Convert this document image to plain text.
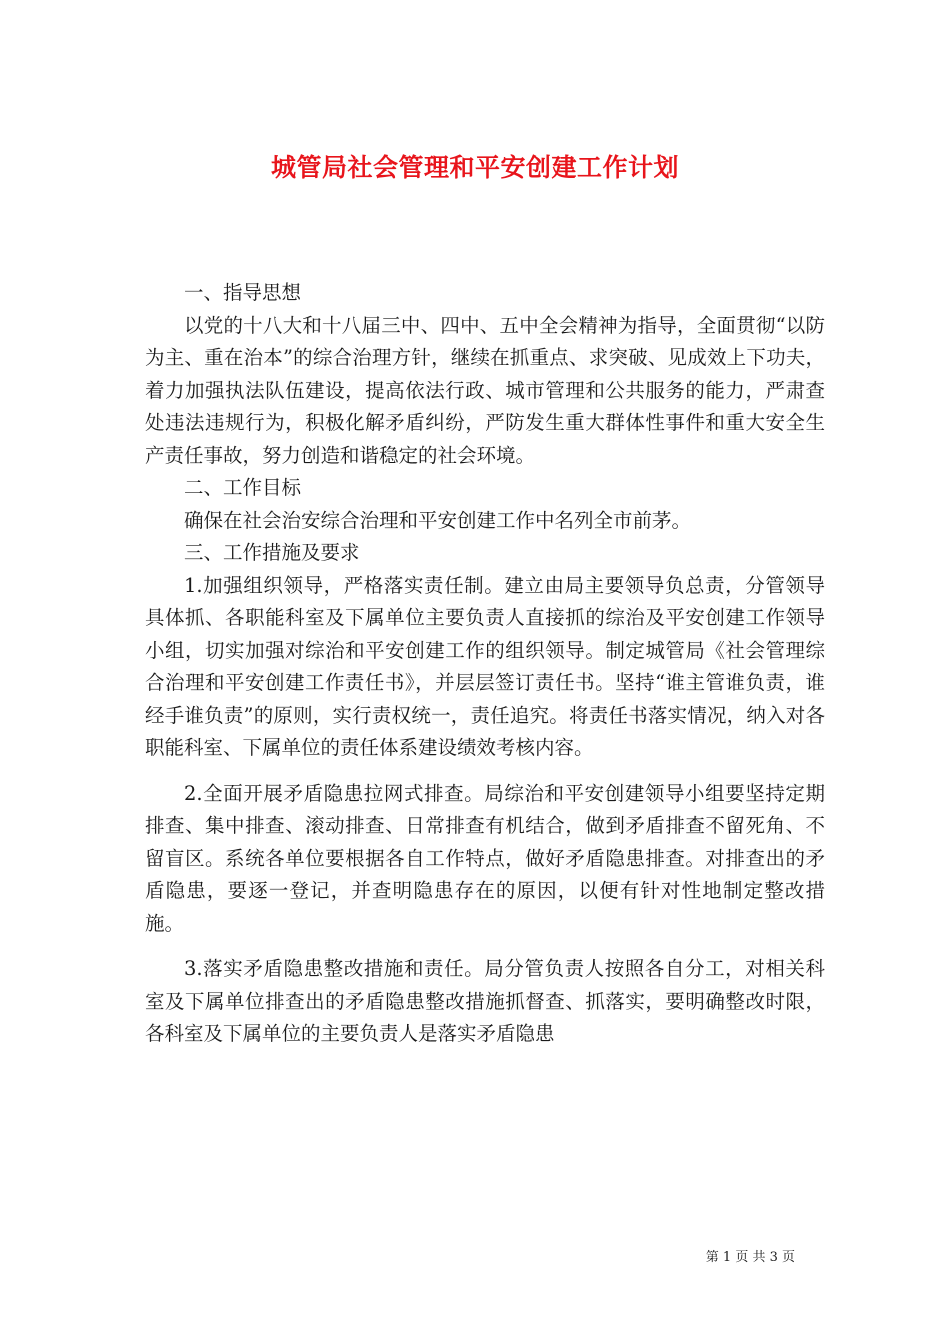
城管局社会管理和平安创建工作计划

一、指导思想

以党的十八大和十八届三中、四中、五中全会精神为指导，全面贯彻“以防为主、重在治本”的综合治理方针，继续在抓重点、求突破、见成效上下功夫，着力加强执法队伍建设，提高依法行政、城市管理和公共服务的能力，严肃查处违法违规行为，积极化解矛盾纠纷，严防发生重大群体性事件和重大安全生产责任事故，努力创造和谐稳定的社会环境。

二、工作目标

确保在社会治安综合治理和平安创建工作中名列全市前茅。

三、工作措施及要求

1.加强组织领导，严格落实责任制。建立由局主要领导负总责，分管领导具体抓、各职能科室及下属单位主要负责人直接抓的综治及平安创建工作领导小组，切实加强对综治和平安创建工作的组织领导。制定城管局《社会管理综合治理和平安创建工作责任书》，并层层签订责任书。坚持“谁主管谁负责，谁经手谁负责”的原则，实行责权统一，责任追究。将责任书落实情况，纳入对各职能科室、下属单位的责任体系建设绩效考核内容。

2.全面开展矛盾隐患拉网式排查。局综治和平安创建领导小组要坚持定期排查、集中排查、滚动排查、日常排查有机结合，做到矛盾排查不留死角、不留盲区。系统各单位要根据各自工作特点，做好矛盾隐患排查。对排查出的矛盾隐患，要逐一登记，并查明隐患存在的原因，以便有针对性地制定整改措施。

3.落实矛盾隐患整改措施和责任。局分管负责人按照各自分工，对相关科室及下属单位排查出的矛盾隐患整改措施抓督查、抓落实，要明确整改时限，各科室及下属单位的主要负责人是落实矛盾隐患

第 1 页 共 3 页
